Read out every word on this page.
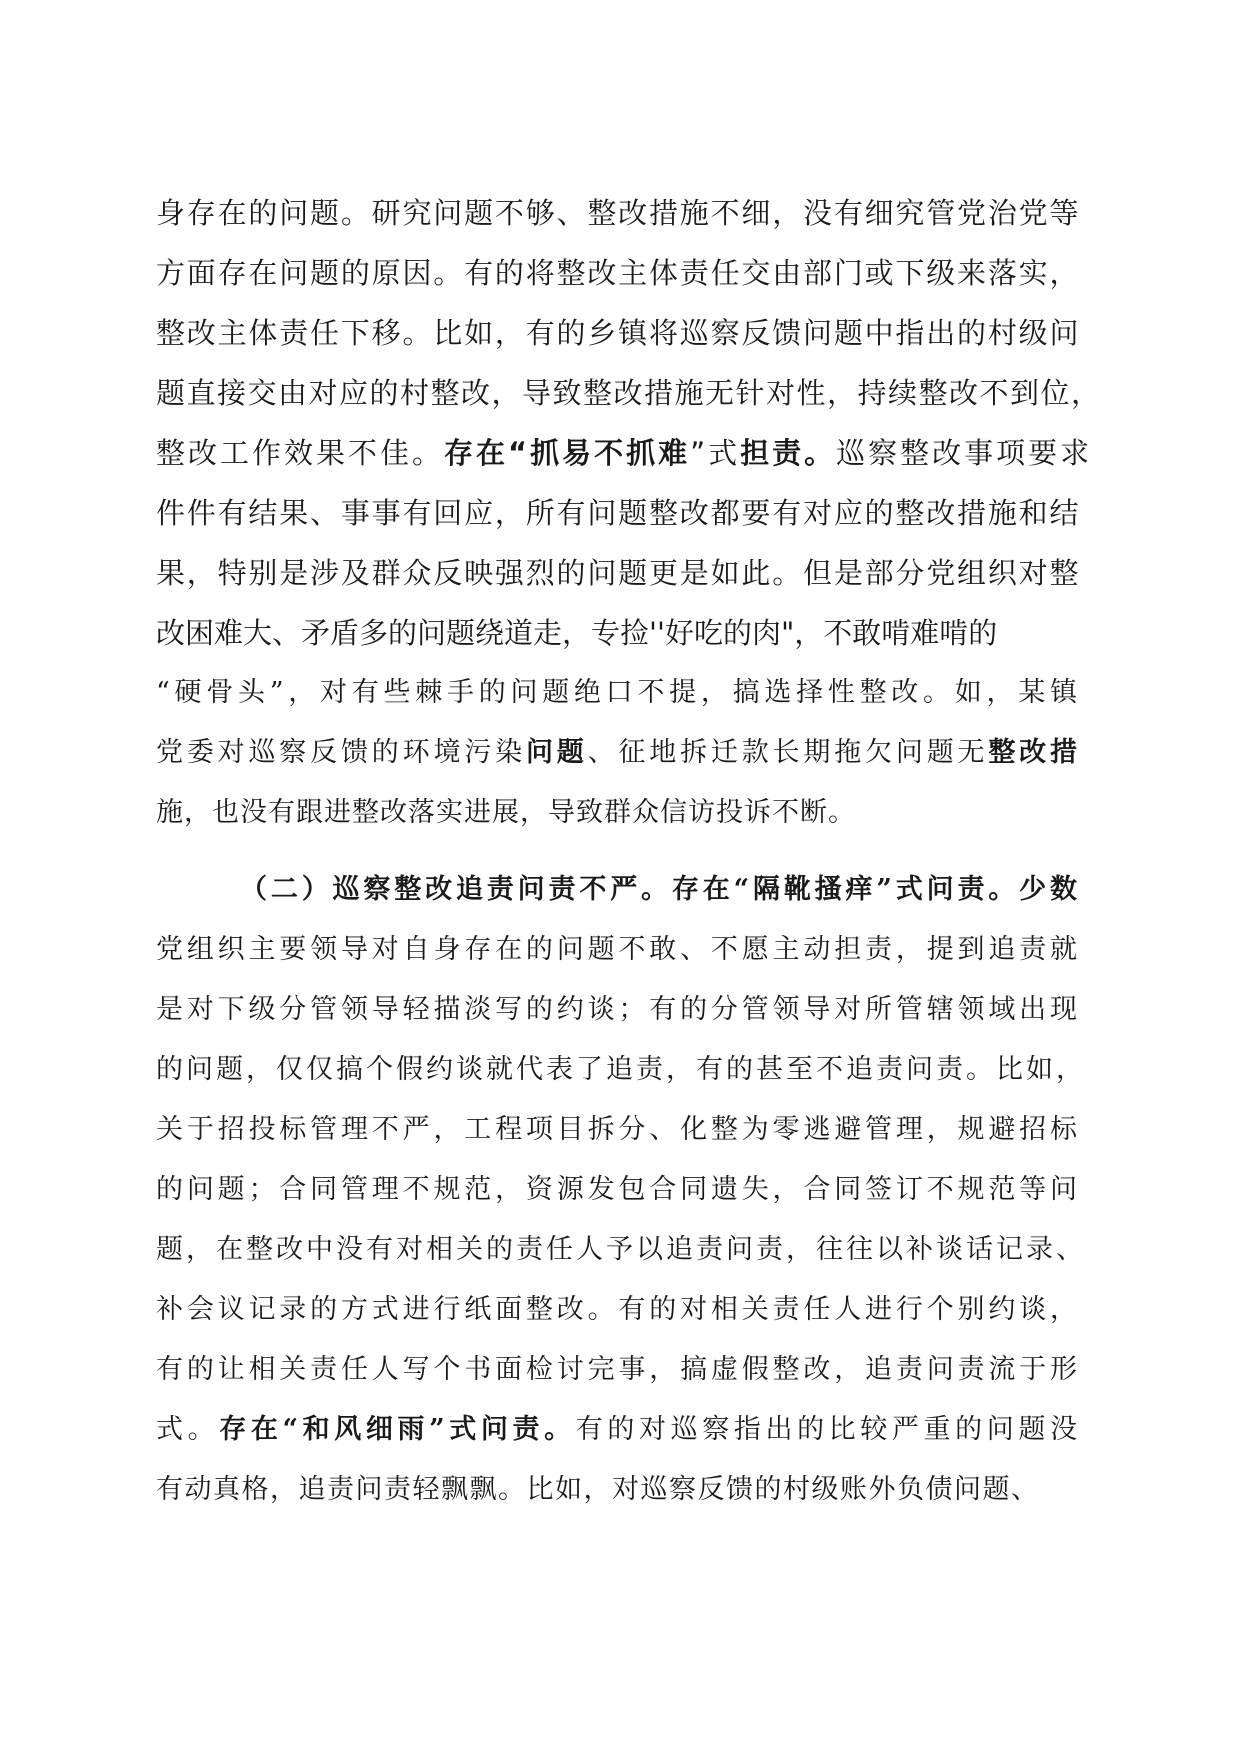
身存在的问题。研究问题不够、整改措施不细，没有细究管党治党等
方面存在问题的原因。有的将整改主体责任交由部门或下级来落实，
整改主体责任下移。比如，有的乡镇将巡察反馈问题中指出的村级问
题直接交由对应的村整改，导致整改措施无针对性，持续整改不到位，
整改工作效果不佳。存在“抓易不抓难”式担责。巡察整改事项要求
件件有结果、事事有回应，所有问题整改都要有对应的整改措施和结
果，特别是涉及群众反映强烈的问题更是如此。但是部分党组织对整
改困难大、矛盾多的问题绕道走，专捡''好吃的肉"，不敢啃难啃的
“硬骨头”，对有些棘手的问题绝口不提，搞选择性整改。如，某镇
党委对巡察反馈的环境污染问题、征地拆迁款长期拖欠问题无整改措
施，也没有跟进整改落实进展，导致群众信访投诉不断。
（二）巡察整改追责问责不严。存在“隔靴搔痒”式问责。少数
党组织主要领导对自身存在的问题不敢、不愿主动担责，提到追责就
是对下级分管领导轻描淡写的约谈；有的分管领导对所管辖领域出现
的问题，仅仅搞个假约谈就代表了追责，有的甚至不追责问责。比如，
关于招投标管理不严，工程项目拆分、化整为零逃避管理，规避招标
的问题；合同管理不规范，资源发包合同遗失，合同签订不规范等问
题，在整改中没有对相关的责任人予以追责问责，往往以补谈话记录、
补会议记录的方式进行纸面整改。有的对相关责任人进行个别约谈，
有的让相关责任人写个书面检讨完事，搞虚假整改，追责问责流于形
式。存在“和风细雨”式问责。有的对巡察指出的比较严重的问题没
有动真格，追责问责轻飘飘。比如，对巡察反馈的村级账外负债问题、
